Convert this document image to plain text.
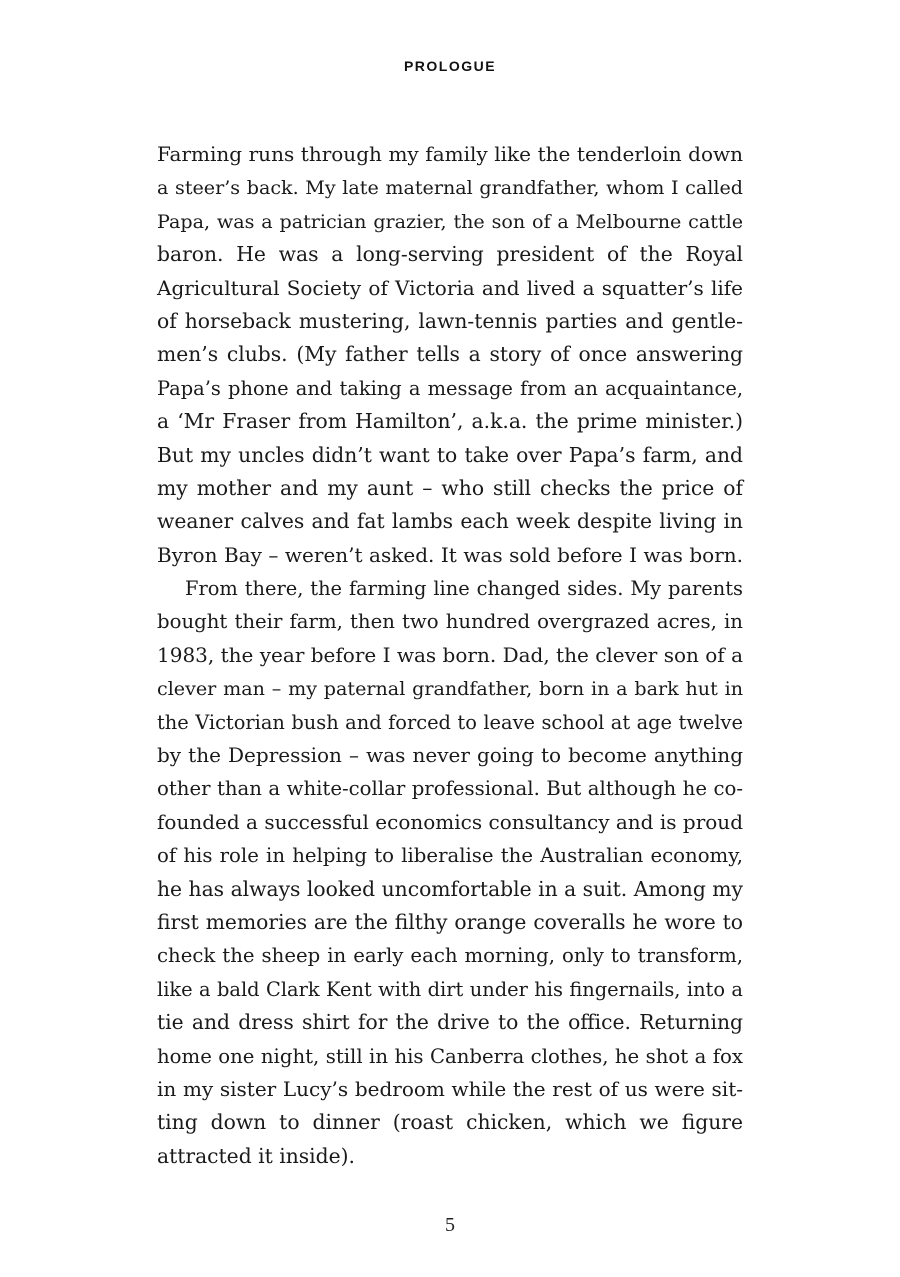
PROLOGUE
Farming runs through my family like the tenderloin down
a steer’s back. My late maternal grandfather, whom I called
Papa, was a patrician grazier, the son of a Melbourne cattle
baron. He was a long-serving president of the Royal
Agricultural Society of Victoria and lived a squatter’s life
of horseback mustering, lawn-tennis parties and gentle-
men’s clubs. (My father tells a story of once answering
Papa’s phone and taking a message from an acquaintance,
a ‘Mr Fraser from Hamilton’, a.k.a. the prime minister.)
But my uncles didn’t want to take over Papa’s farm, and
my mother and my aunt – who still checks the price of
weaner calves and fat lambs each week despite living in
Byron Bay – weren’t asked. It was sold before I was born.
From there, the farming line changed sides. My parents
bought their farm, then two hundred overgrazed acres, in
1983, the year before I was born. Dad, the clever son of a
clever man – my paternal grandfather, born in a bark hut in
the Victorian bush and forced to leave school at age twelve
by the Depression – was never going to become anything
other than a white-collar professional. But although he co-
founded a successful economics consultancy and is proud
of his role in helping to liberalise the Australian economy,
he has always looked uncomfortable in a suit. Among my
first memories are the filthy orange coveralls he wore to
check the sheep in early each morning, only to transform,
like a bald Clark Kent with dirt under his fingernails, into a
tie and dress shirt for the drive to the office. Returning
home one night, still in his Canberra clothes, he shot a fox
in my sister Lucy’s bedroom while the rest of us were sit-
ting down to dinner (roast chicken, which we figure
attracted it inside).
5
